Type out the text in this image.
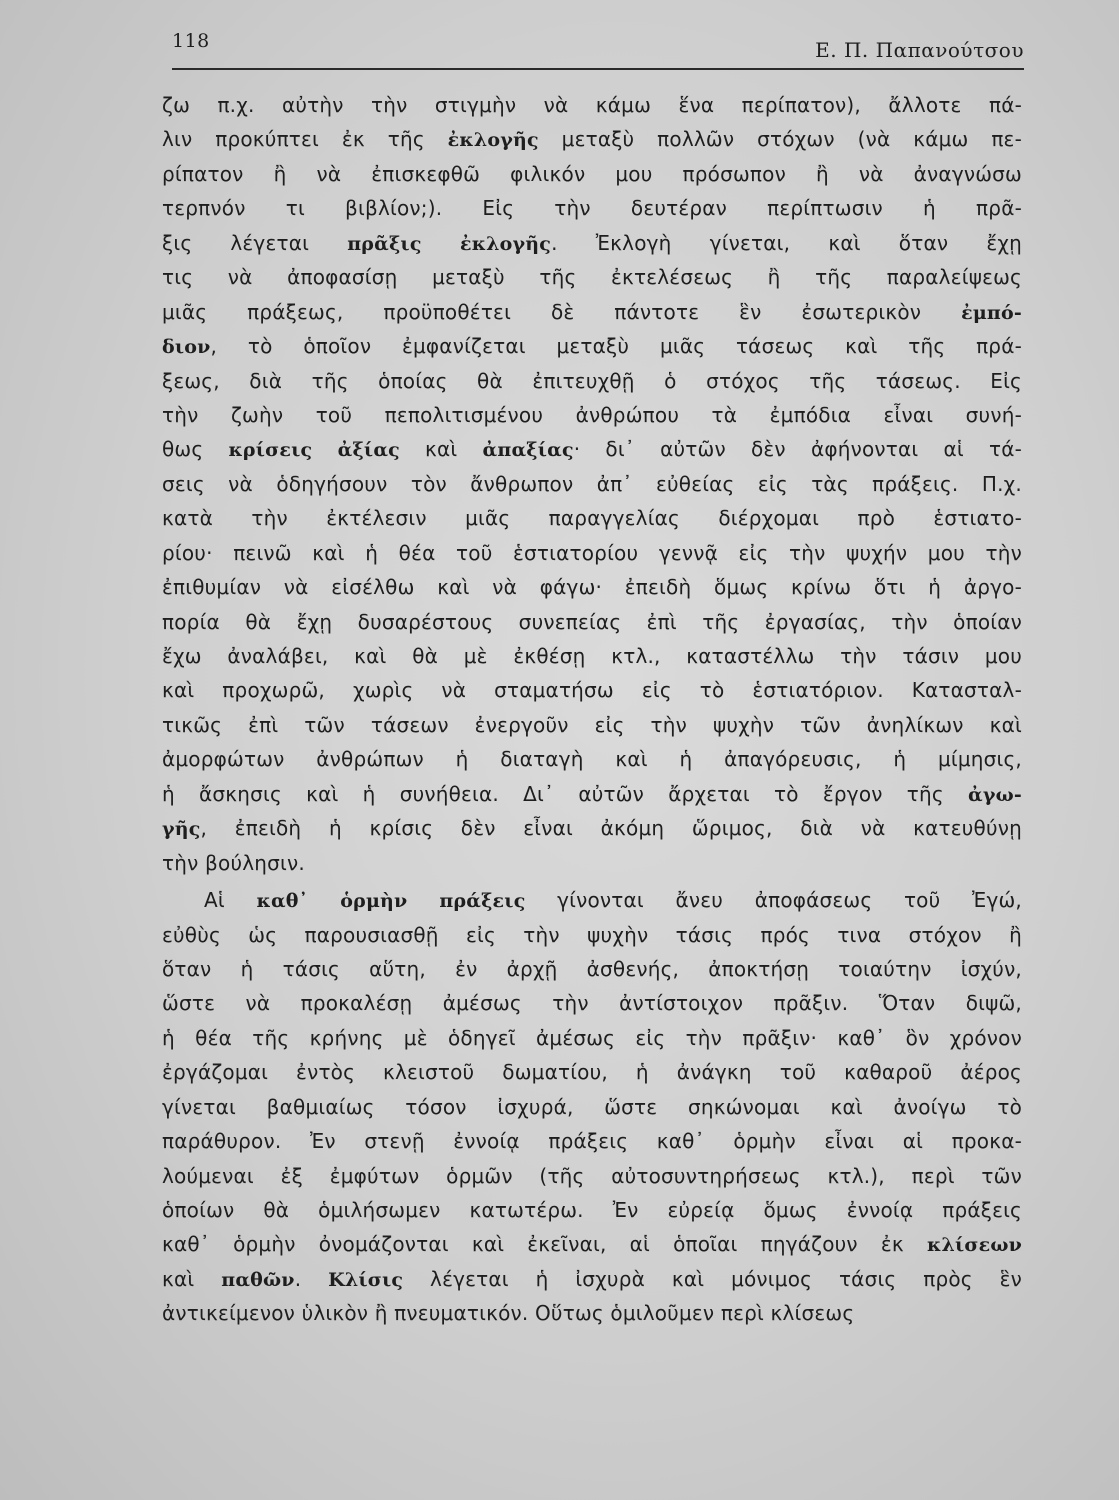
118	Ε. Π. Παπανούτσου
ζω π.χ. αὐτὴν τὴν στιγμὴν νὰ κάμω ἕνα περίπατον), ἄλλοτε πά-
λιν προκύπτει ἐκ τῆς ἐκλογῆς μεταξὺ πολλῶν στόχων (νὰ κάμω πε-
ρίπατον ἢ νὰ ἐπισκεφθῶ φιλικόν μου πρόσωπον ἢ νὰ ἀναγνώσω
τερπνόν τι βιβλίον;). Εἰς τὴν δευτέραν περίπτωσιν ἡ πρᾶ-
ξις λέγεται πρᾶξις ἐκλογῆς. Ἐκλογὴ γίνεται, καὶ ὅταν ἔχῃ
τις νὰ ἀποφασίσῃ μεταξὺ τῆς ἐκτελέσεως ἢ τῆς παραλείψεως
μιᾶς πράξεως, προϋποθέτει δὲ πάντοτε ἓν ἐσωτερικὸν ἐμπό-
διον, τὸ ὁποῖον ἐμφανίζεται μεταξὺ μιᾶς τάσεως καὶ τῆς πρά-
ξεως, διὰ τῆς ὁποίας θὰ ἐπιτευχθῇ ὁ στόχος τῆς τάσεως. Εἰς
τὴν ζωὴν τοῦ πεπολιτισμένου ἀνθρώπου τὰ ἐμπόδια εἶναι συνή-
θως κρίσεις ἀξίας καὶ ἀπαξίας· δι᾽ αὐτῶν δὲν ἀφήνονται αἱ τά-
σεις νὰ ὁδηγήσουν τὸν ἄνθρωπον ἀπ᾽ εὐθείας εἰς τὰς πράξεις. Π.χ.
κατὰ τὴν ἐκτέλεσιν μιᾶς παραγγελίας διέρχομαι πρὸ ἑστιατο-
ρίου· πεινῶ καὶ ἡ θέα τοῦ ἑστιατορίου γεννᾷ εἰς τὴν ψυχήν μου τὴν
ἐπιθυμίαν νὰ εἰσέλθω καὶ νὰ φάγω· ἐπειδὴ ὅμως κρίνω ὅτι ἡ ἀργο-
πορία θὰ ἔχῃ δυσαρέστους συνεπείας ἐπὶ τῆς ἐργασίας, τὴν ὁποίαν
ἔχω ἀναλάβει, καὶ θὰ μὲ ἐκθέσῃ κτλ., καταστέλλω τὴν τάσιν μου
καὶ προχωρῶ, χωρὶς νὰ σταματήσω εἰς τὸ ἑστιατόριον. Κατασταλ-
τικῶς ἐπὶ τῶν τάσεων ἐνεργοῦν εἰς τὴν ψυχὴν τῶν ἀνηλίκων καὶ
ἀμορφώτων ἀνθρώπων ἡ διαταγὴ καὶ ἡ ἀπαγόρευσις, ἡ μίμησις,
ἡ ἄσκησις καὶ ἡ συνήθεια. Δι᾽ αὐτῶν ἄρχεται τὸ ἔργον τῆς ἀγω-
γῆς, ἐπειδὴ ἡ κρίσις δὲν εἶναι ἀκόμη ὥριμος, διὰ νὰ κατευθύνῃ
τὴν βούλησιν.
Αἱ καθ᾽ ὁρμὴν πράξεις γίνονται ἄνευ ἀποφάσεως τοῦ Ἐγώ,
εὐθὺς ὡς παρουσιασθῇ εἰς τὴν ψυχὴν τάσις πρός τινα στόχον ἢ
ὅταν ἡ τάσις αὕτη, ἐν ἀρχῇ ἀσθενής, ἀποκτήσῃ τοιαύτην ἰσχύν,
ὥστε νὰ προκαλέσῃ ἀμέσως τὴν ἀντίστοιχον πρᾶξιν. Ὅταν διψῶ,
ἡ θέα τῆς κρήνης μὲ ὁδηγεῖ ἀμέσως εἰς τὴν πρᾶξιν· καθ᾽ ὃν χρόνον
ἐργάζομαι ἐντὸς κλειστοῦ δωματίου, ἡ ἀνάγκη τοῦ καθαροῦ ἀέρος
γίνεται βαθμιαίως τόσον ἰσχυρά, ὥστε σηκώνομαι καὶ ἀνοίγω τὸ
παράθυρον. Ἐν στενῇ ἐννοίᾳ πράξεις καθ᾽ ὁρμὴν εἶναι αἱ προκα-
λούμεναι ἐξ ἐμφύτων ὁρμῶν (τῆς αὐτοσυντηρήσεως κτλ.), περὶ τῶν
ὁποίων θὰ ὁμιλήσωμεν κατωτέρω. Ἐν εὐρείᾳ ὅμως ἐννοίᾳ πράξεις
καθ᾽ ὁρμὴν ὀνομάζονται καὶ ἐκεῖναι, αἱ ὁποῖαι πηγάζουν ἐκ κλίσεων
καὶ παθῶν. Κλίσις λέγεται ἡ ἰσχυρὰ καὶ μόνιμος τάσις πρὸς ἓν
ἀντικείμενον ὑλικὸν ἢ πνευματικόν. Οὕτως ὁμιλοῦμεν περὶ κλίσεως
